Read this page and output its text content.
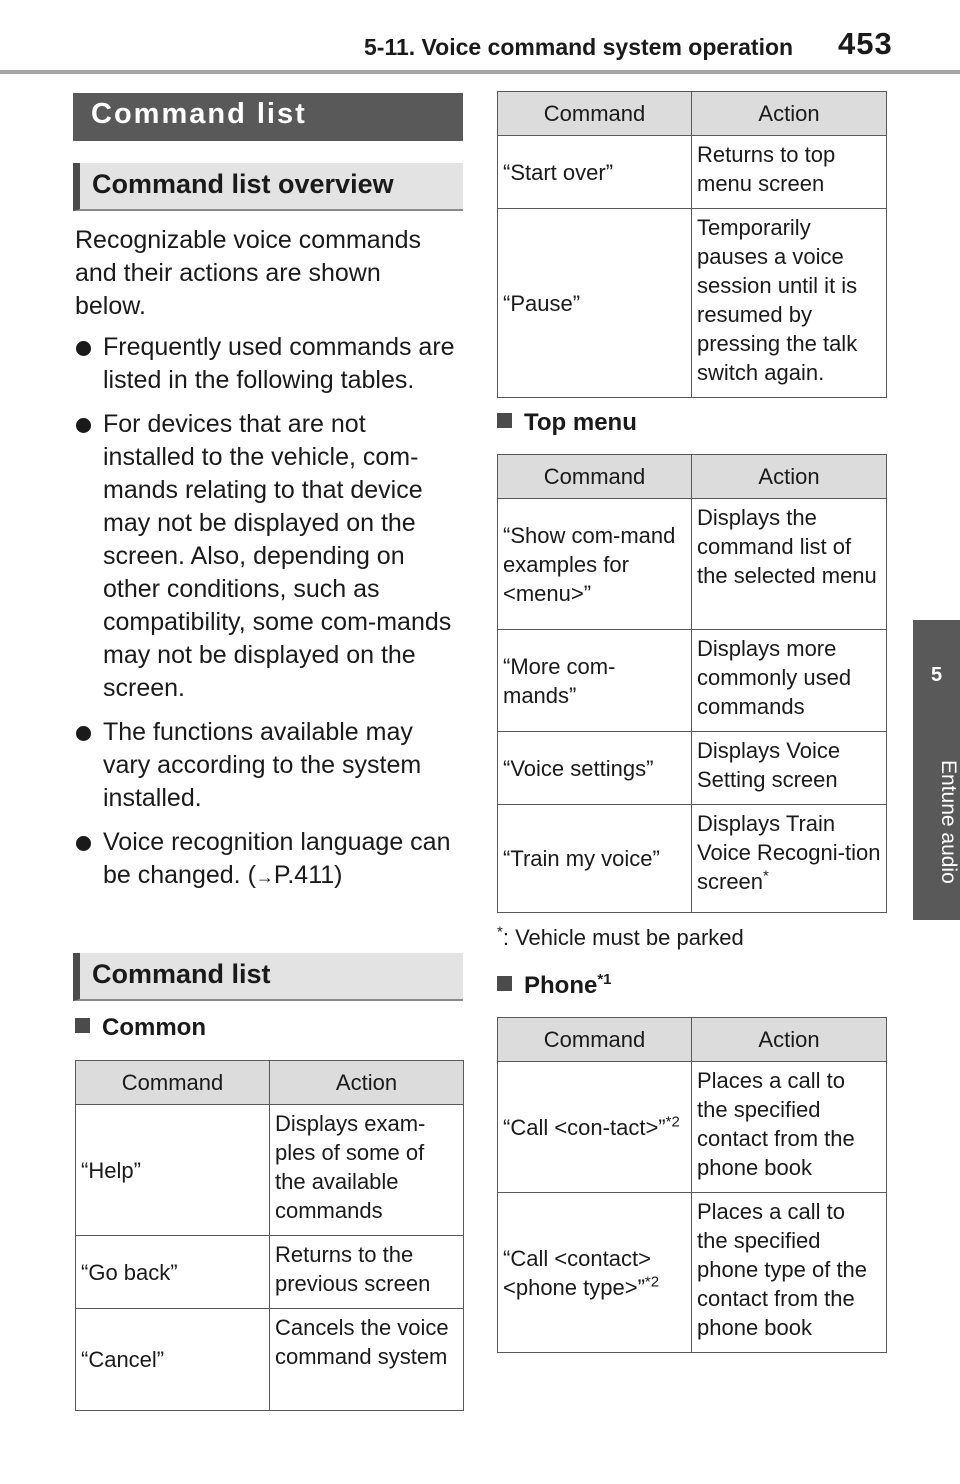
5-11. Voice command system operation 453
5
Entune audio
Command list
Command list overview
Recognizable voice commands and their actions are shown below.
Frequently used commands are listed in the following tables.
For devices that are not installed to the vehicle, com-mands relating to that device may not be displayed on the screen. Also, depending on other conditions, such as compatibility, some com-mands may not be displayed on the screen.
The functions available may vary according to the system installed.
Voice recognition language can be changed. (→P.411)
Command list
Common
Command	Action
“Help”	Displays exam-ples of some of the available commands
“Go back”	Returns to the previous screen
“Cancel”	Cancels the voice command system
Command	Action
“Start over”	Returns to top menu screen
“Pause”	Temporarily pauses a voice session until it is resumed by pressing the talk switch again.
Top menu
Command	Action
“Show com-mand examples for <menu>”	Displays the command list of the selected menu
“More com-mands”	Displays more commonly used commands
“Voice settings”	Displays Voice Setting screen
“Train my voice”	Displays Train Voice Recogni-tion screen*
*: Vehicle must be parked
Phone$^{*1}$
Command	Action
“Call <con-tact>”$^{*2}$	Places a call to the specified contact from the phone book
“Call <contact> <phone type>”$^{*2}$	Places a call to the specified phone type of the contact from the phone book
